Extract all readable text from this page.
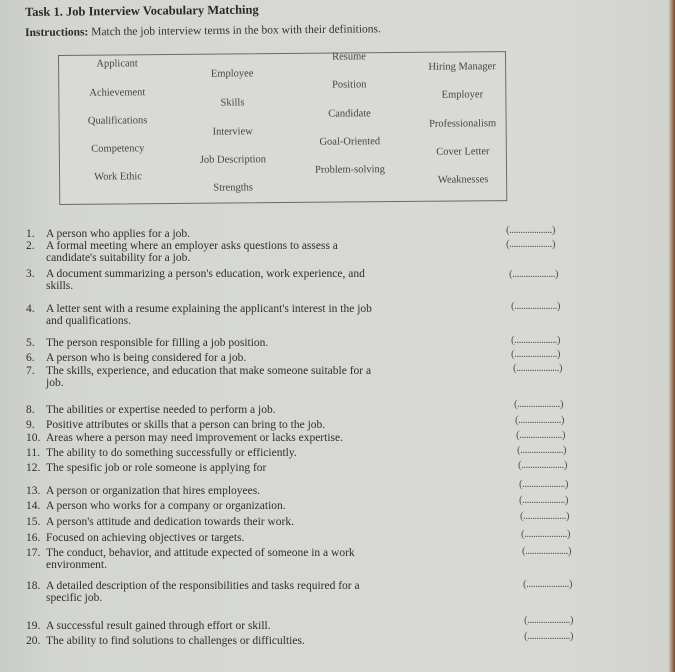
Task 1. Job Interview Vocabulary Matching
Instructions: Match the job interview terms in the box with their definitions.
Applicant
Employee
Resume
Hiring Manager
Achievement
Skills
Position
Employer
Qualifications
Interview
Candidate
Professionalism
Competency
Job Description
Goal-Oriented
Cover Letter
Work Ethic
Strengths
Problem-solving
Weaknesses
1. A person who applies for a job.	(...................)
2. A formal meeting where an employer asks questions to assess a
candidate's suitability for a job.
(...................)
3. A document summarizing a person's education, work experience, and
skills.
(...................)
4. A letter sent with a resume explaining the applicant's interest in the job
and qualifications.
(...................)
5. The person responsible for filling a job position.	(...................)
6. A person who is being considered for a job.	(...................)
7. The skills, experience, and education that make someone suitable for a
job.
(...................)
8. The abilities or expertise needed to perform a job.	(...................)
9. Positive attributes or skills that a person can bring to the job.	(...................)
10. Areas where a person may need improvement or lacks expertise.	(...................)
11. The ability to do something successfully or efficiently.	(...................)
12. The spesific job or role someone is applying for	(...................)
13. A person or organization that hires employees.
(...................)
14. A person who works for a company or organization.	(...................)
15. A person's attitude and dedication towards their work.	(...................)
16. Focused on achieving objectives or targets.	(...................)
17. The conduct, behavior, and attitude expected of someone in a work
environment.
(...................)
18. A detailed description of the responsibilities and tasks required for a
specific job.
(...................)
19. A successful result gained through effort or skill.	(...................)
20. The ability to find solutions to challenges or difficulties.	(...................)
